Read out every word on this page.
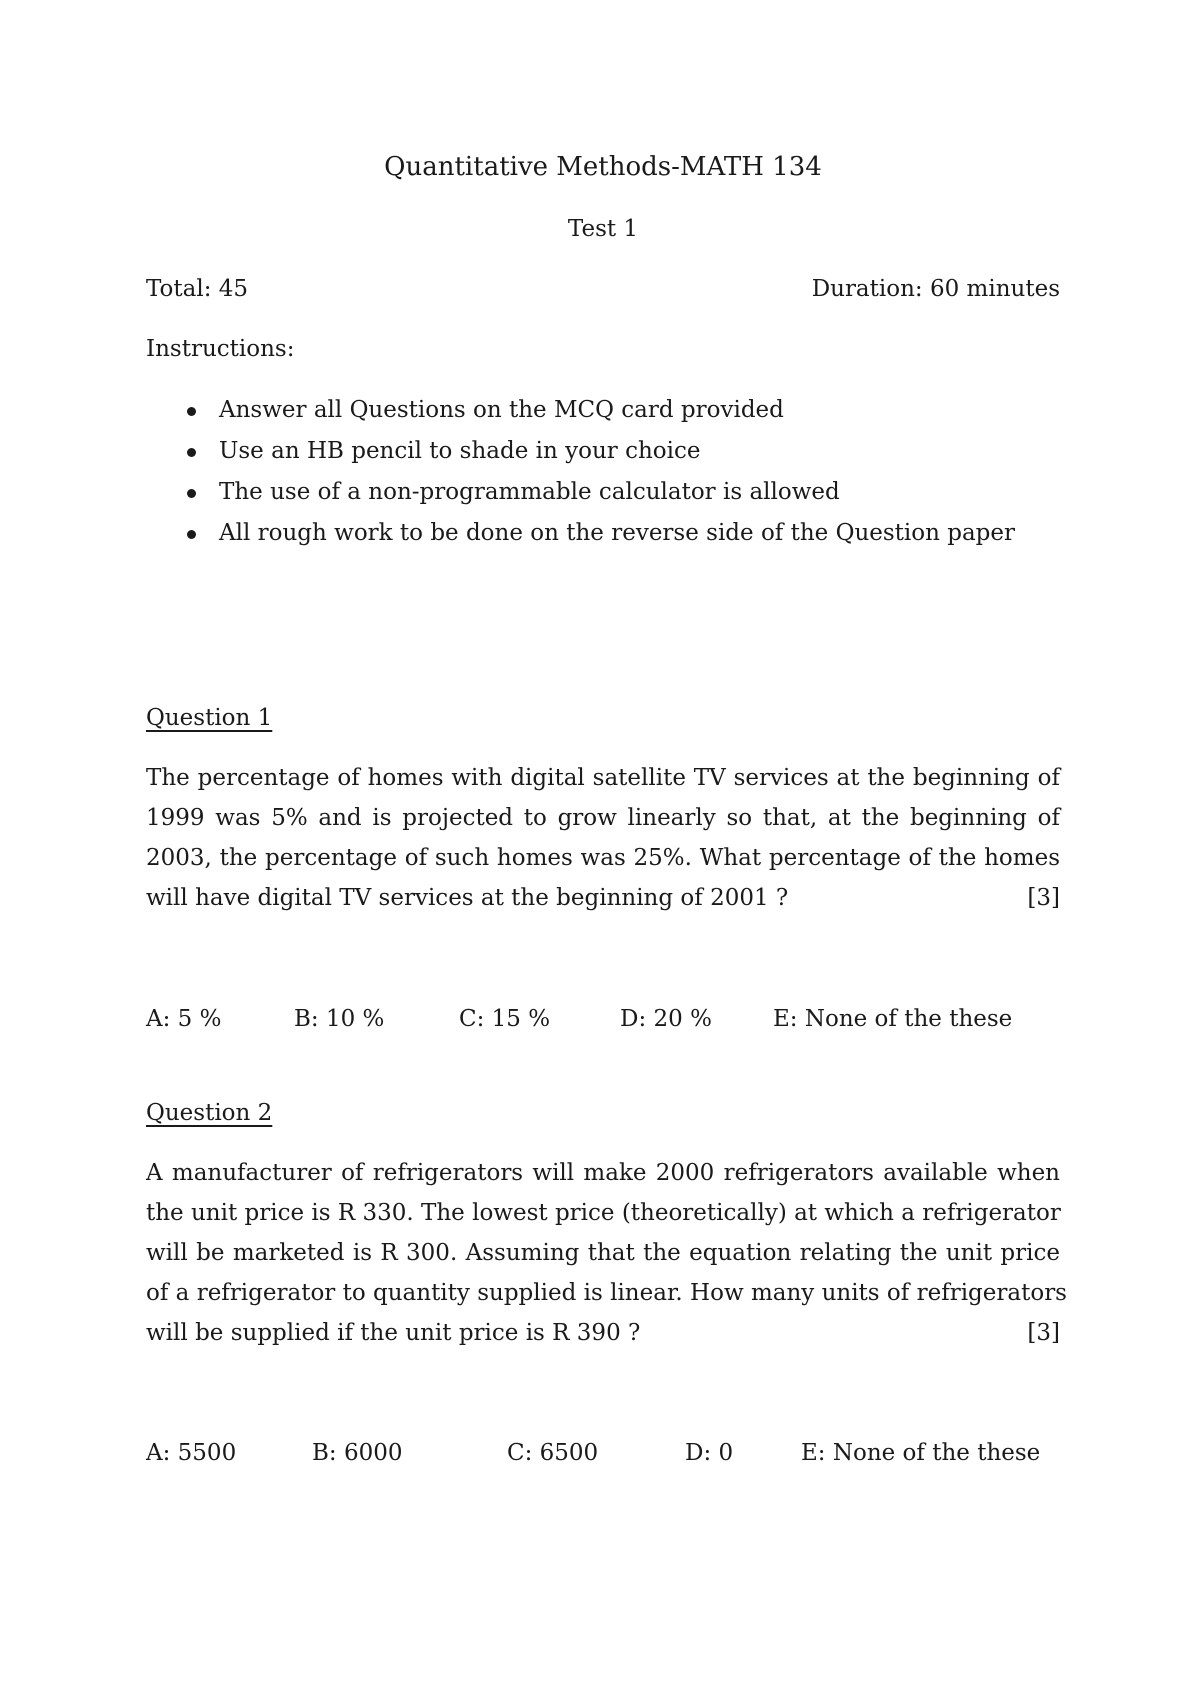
Quantitative Methods-MATH 134
Test 1
Total: 45	Duration: 60 minutes
Instructions:
Answer all Questions on the MCQ card provided
Use an HB pencil to shade in your choice
The use of a non-programmable calculator is allowed
All rough work to be done on the reverse side of the Question paper
Question 1
The percentage of homes with digital satellite TV services at the beginning of
1999 was 5% and is projected to grow linearly so that, at the beginning of
2003, the percentage of such homes was 25%. What percentage of the homes
will have digital TV services at the beginning of 2001 ?	[3]
A: 5 %	B: 10 %	C: 15 %	D: 20 %	E: None of the these
Question 2
A manufacturer of refrigerators will make 2000 refrigerators available when
the unit price is R 330. The lowest price (theoretically) at which a refrigerator
will be marketed is R 300. Assuming that the equation relating the unit price
of a refrigerator to quantity supplied is linear. How many units of refrigerators
will be supplied if the unit price is R 390 ?	[3]
A: 5500	B: 6000	C: 6500	D: 0	E: None of the these
